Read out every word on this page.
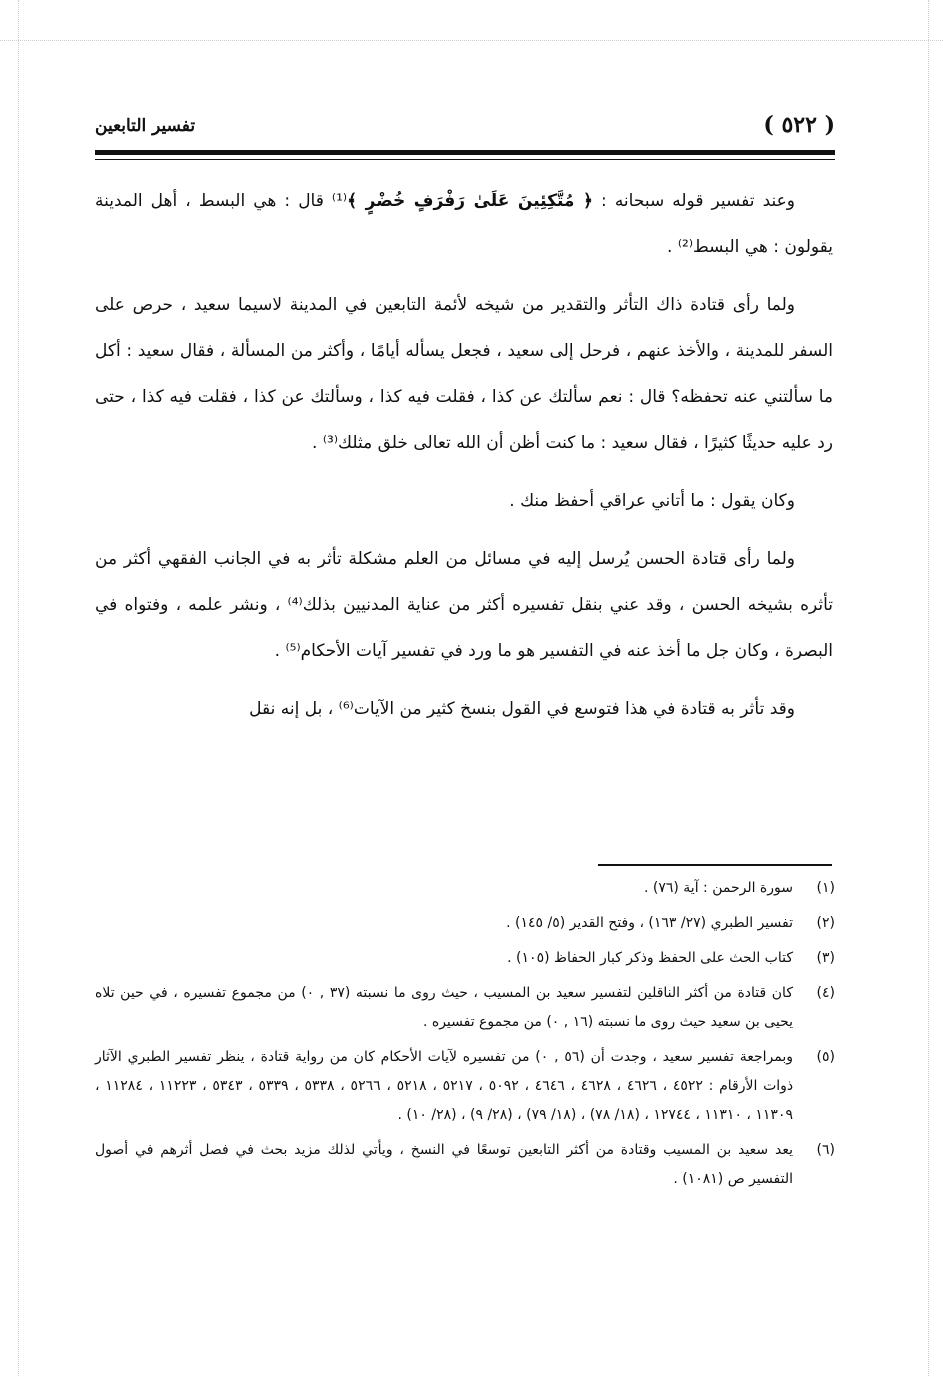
( ٥٢٢ )
تفسير التابعين

وعند تفسير قوله سبحانه : ﴿ مُتَّكِئِينَ عَلَىٰ رَفْرَفٍ خُضْرٍ ﴾⁽¹⁾ قال : هي البسط ، أهل المدينة يقولون : هي البسط⁽²⁾ .

ولما رأى قتادة ذاك التأثر والتقدير من شيخه لأئمة التابعين في المدينة لاسيما سعيد ، حرص على السفر للمدينة ، والأخذ عنهم ، فرحل إلى سعيد ، فجعل يسأله أيامًا ، وأكثر من المسألة ، فقال سعيد : أكل ما سألتني عنه تحفظه؟ قال : نعم سألتك عن كذا ، فقلت فيه كذا ، وسألتك عن كذا ، فقلت فيه كذا ، حتى رد عليه حديثًا كثيرًا ، فقال سعيد : ما كنت أظن أن الله تعالى خلق مثلك⁽³⁾ .

وكان يقول : ما أتاني عراقي أحفظ منك .

ولما رأى قتادة الحسن يُرسل إليه في مسائل من العلم مشكلة تأثر به في الجانب الفقهي أكثر من تأثره بشيخه الحسن ، وقد عني بنقل تفسيره أكثر من عناية المدنيين بذلك⁽⁴⁾ ، ونشر علمه ، وفتواه في البصرة ، وكان جل ما أخذ عنه في التفسير هو ما ورد في تفسير آيات الأحكام⁽⁵⁾ .

وقد تأثر به قتادة في هذا فتوسع في القول بنسخ كثير من الآيات⁽⁶⁾ ، بل إنه نقل

(١)
سورة الرحمن : آية (٧٦) .
(٢)
تفسير الطبري (٢٧/ ١٦٣) ، وفتح القدير (٥/ ١٤٥) .
(٣)
كتاب الحث على الحفظ وذكر كبار الحفاظ (١٠٥) .
(٤)
كان قتادة من أكثر الناقلين لتفسير سعيد بن المسيب ، حيث روى ما نسبته (٣٧ , ٠) من مجموع تفسيره ، في حين تلاه يحيى بن سعيد حيث روى ما نسبته (١٦ , ٠) من مجموع تفسيره .
(٥)
وبمراجعة تفسير سعيد ، وجدت أن (٥٦ , ٠) من تفسيره لآيات الأحكام كان من رواية قتادة ، ينظر تفسير الطبري الآثار ذوات الأرقام : ٤٥٢٢ ، ٤٦٢٦ ، ٤٦٢٨ ، ٤٦٤٦ ، ٥٠٩٢ ، ٥٢١٧ ، ٥٢١٨ ، ٥٢٦٦ ، ٥٣٣٨ ، ٥٣٣٩ ، ٥٣٤٣ ، ١١٢٢٣ ، ١١٢٨٤ ، ١١٣٠٩ ، ١١٣١٠ ، ١٢٧٤٤ ، (١٨/ ٧٨) ، (١٨/ ٧٩) ، (٢٨/ ٩) ، (٢٨/ ١٠) .
(٦)
يعد سعيد بن المسيب وقتادة من أكثر التابعين توسعًا في النسخ ، ويأتي لذلك مزيد بحث في فصل أثرهم في أصول التفسير ص (١٠٨١) .
